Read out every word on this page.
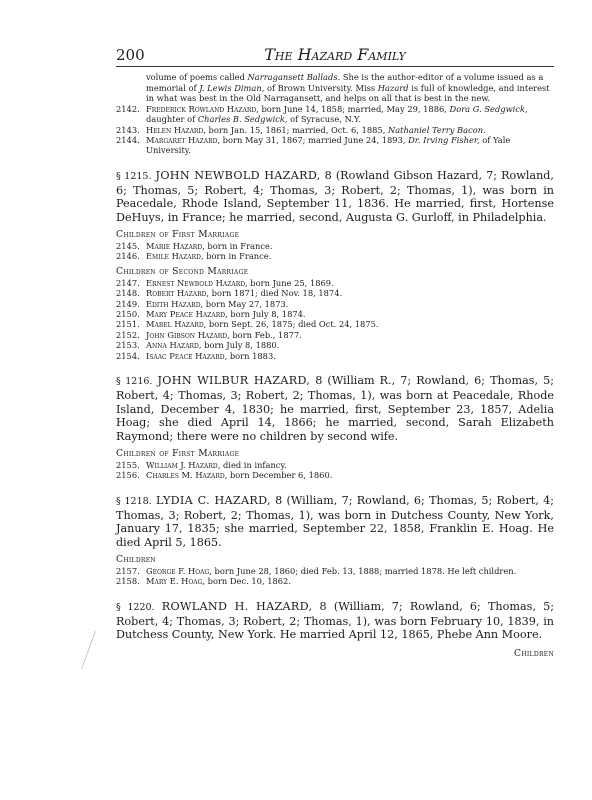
200	The Hazard Family

volume of poems called Narragansett Ballads. She is the author-editor of a volume issued as a memorial of J. Lewis Diman, of Brown University. Miss Hazard is full of knowledge, and interest in what was best in the Old Narragansett, and helps on all that is best in the new.

2142. Frederick Rowland Hazard, born June 14, 1858; married, May 29, 1886, Dora G. Sedgwick, daughter of Charles B. Sedgwick, of Syracuse, N.Y.
2143. Helen Hazard, born Jan. 15, 1861; married, Oct. 6, 1885, Nathaniel Terry Bacon.
2144. Margaret Hazard, born May 31, 1867; married June 24, 1893, Dr. Irving Fisher, of Yale University.

§ 1215. JOHN NEWBOLD HAZARD, 8 (Rowland Gibson Hazard, 7; Rowland, 6; Thomas, 5; Robert, 4; Thomas, 3; Robert, 2; Thomas, 1), was born in Peacedale, Rhode Island, September 11, 1836. He married, first, Hortense DeHuys, in France; he married, second, Augusta G. Gurloff, in Philadelphia.

Children of First Marriage
2145. Marie Hazard, born in France.
2146. Emile Hazard, born in France.
Children of Second Marriage
2147. Ernest Newbold Hazard, born June 25, 1869.
2148. Robert Hazard, born 1871; died Nov. 18, 1874.
2149. Edith Hazard, born May 27, 1873.
2150. Mary Peace Hazard, born July 8, 1874.
2151. Mabel Hazard, born Sept. 26, 1875; died Oct. 24, 1875.
2152. John Gibson Hazard, born Feb., 1877.
2153. Anna Hazard, born July 8, 1880.
2154. Isaac Peace Hazard, born 1883.

§ 1216. JOHN WILBUR HAZARD, 8 (William R., 7; Rowland, 6; Thomas, 5; Robert, 4; Thomas, 3; Robert, 2; Thomas, 1), was born at Peacedale, Rhode Island, December 4, 1830; he married, first, September 23, 1857, Adelia Hoag; she died April 14, 1866; he married, second, Sarah Elizabeth Raymond; there were no children by second wife.

Children of First Marriage
2155. William J. Hazard, died in infancy.
2156. Charles M. Hazard, born December 6, 1860.

§ 1218. LYDIA C. HAZARD, 8 (William, 7; Rowland, 6; Thomas, 5; Robert, 4; Thomas, 3; Robert, 2; Thomas, 1), was born in Dutchess County, New York, January 17, 1835; she married, September 22, 1858, Franklin E. Hoag. He died April 5, 1865.

Children
2157. George F. Hoag, born June 28, 1860; died Feb. 13, 1888; married 1878. He left children.
2158. Mary E. Hoag, born Dec. 10, 1862.

§ 1220. ROWLAND H. HAZARD, 8 (William, 7; Rowland, 6; Thomas, 5; Robert, 4; Thomas, 3; Robert, 2; Thomas, 1), was born February 10, 1839, in Dutchess County, New York. He married April 12, 1865, Phebe Ann Moore.

Children
